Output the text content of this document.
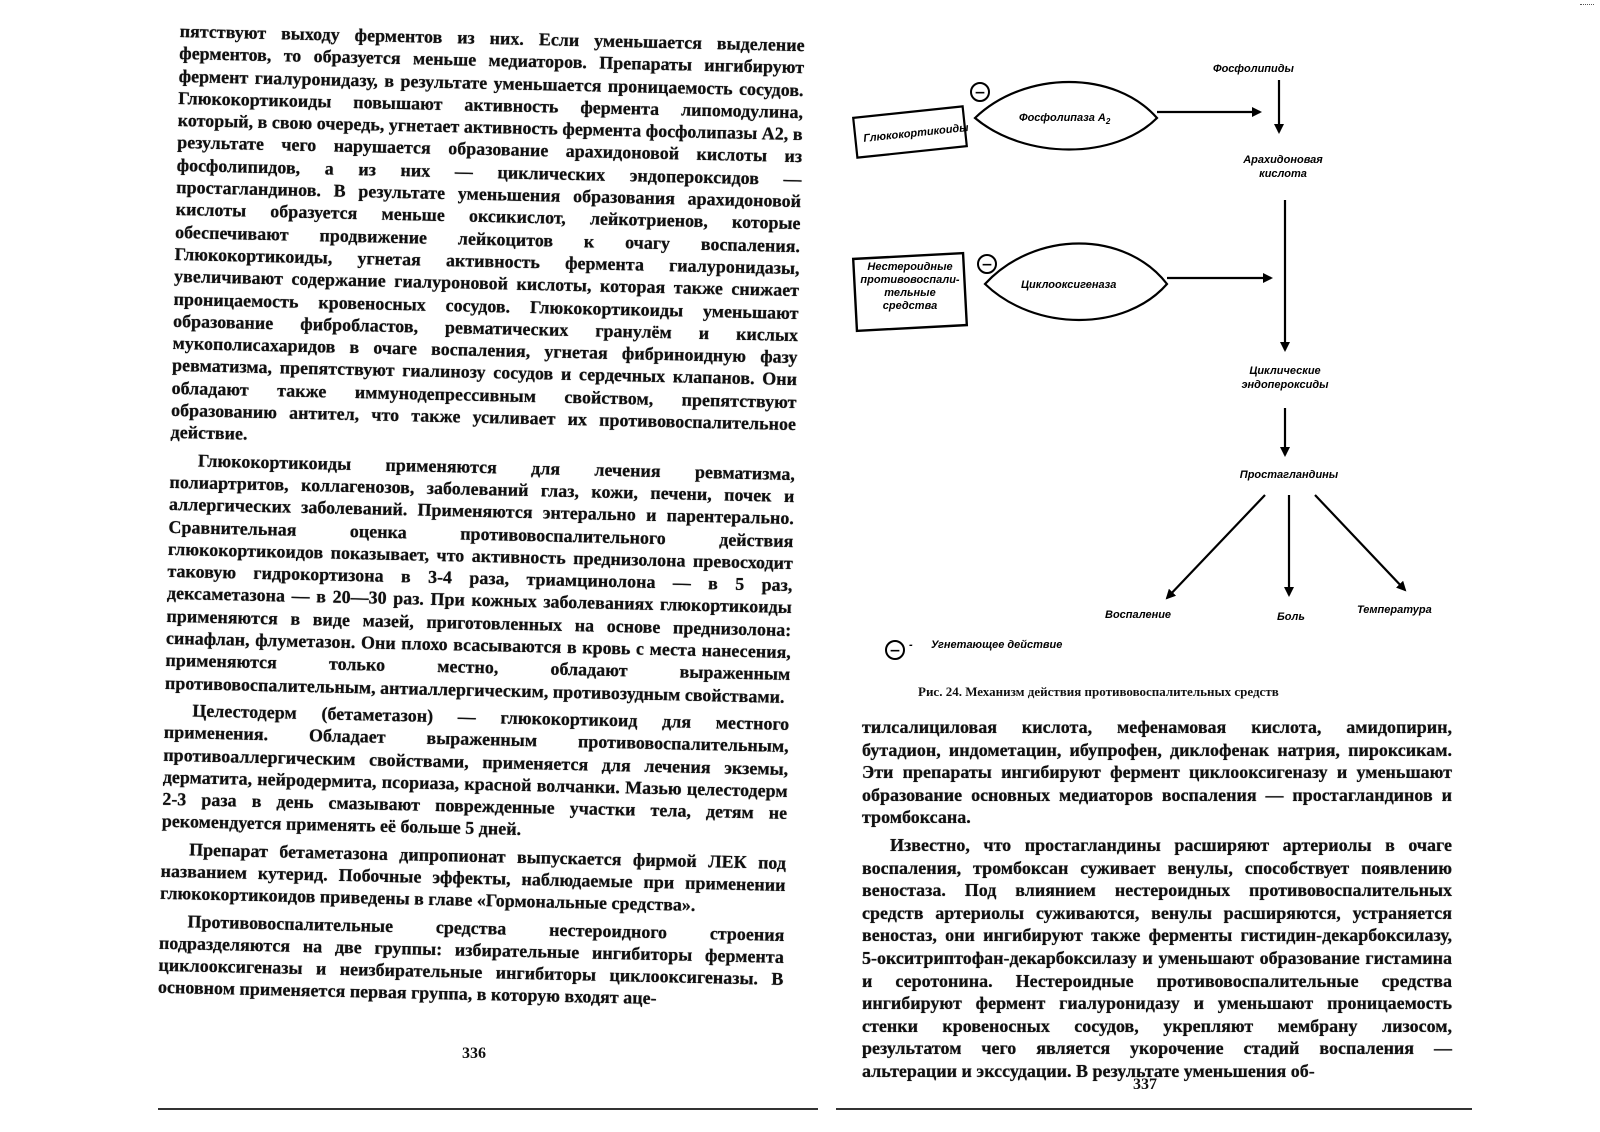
пятствуют выходу ферментов из них. Если уменьшается выделение ферментов, то образуется меньше медиаторов. Препараты ингибируют фермент гиалуронидазу, в результате уменьшается проницаемость сосудов. Глюкокортикоиды повышают активность фермента липомодулина, который, в свою очередь, угнетает активность фермента фосфолипазы А2, в результате чего нарушается образование арахидоновой кислоты из фосфолипидов, а из них — циклических эндопероксидов — простагландинов. В результате уменьшения образования арахидоновой кислоты образуется меньше оксикислот, лейкотриенов, которые обеспечивают продвижение лейкоцитов к очагу воспаления. Глюкокортикоиды, угнетая активность фермента гиалуронидазы, увеличивают содержание гиалуроновой кислоты, которая также снижает проницаемость кровеносных сосудов. Глюкокортикоиды уменьшают образование фибробластов, ревматических гранулём и кислых мукополисахаридов в очаге воспаления, угнетая фибриноидную фазу ревматизма, препятствуют гиалинозу сосудов и сердечных клапанов. Они обладают также иммунодепрессивным свойством, препятствуют образованию антител, что также усиливает их противовоспалительное действие.

Глюкокортикоиды применяются для лечения ревматизма, полиартритов, коллагенозов, заболеваний глаз, кожи, печени, почек и аллергических заболеваний. Применяются энтерально и парентерально. Сравнительная оценка противовоспалительного действия глюкокортикоидов показывает, что активность преднизолона превосходит таковую гидрокортизона в 3-4 раза, триамцинолона — в 5 раз, дексаметазона — в 20—30 раз. При кожных заболеваниях глюкортикоиды применяются в виде мазей, приготовленных на основе преднизолона: синафлан, флуметазон. Они плохо всасываются в кровь с места нанесения, применяются только местно, обладают выраженным противовоспалительным, антиаллергическим, противозудным свойствами.

Целестодерм (бетаметазон) — глюкокортикоид для местного применения. Обладает выраженным противовоспалительным, противоаллергическим свойствами, применяется для лечения экземы, дерматита, нейродермита, псориаза, красной волчанки. Мазью целестодерм 2-3 раза в день смазывают поврежденные участки тела, детям не рекомендуется применять её больше 5 дней.

Препарат бетаметазона дипропионат выпускается фирмой ЛЕК под названием кутерид. Побочные эффекты, наблюдаемые при применении глюкокортикоидов приведены в главе «Гормональные средства».

Противовоспалительные средства нестероидного строения подразделяются на две группы: избирательные ингибиторы фермента циклооксигеназы и неизбирательные ингибиторы циклооксигеназы. В основном применяется первая группа, в которую входят аце-

336
Глюкокортикоиды
−
Фосфолипаза $А_2$
Фосфолипиды
Арахидоновая
кислота
Нестероидные
противовоспали-
тельные
средства
−
Циклооксигеназа
Циклические
эндопероксиды
Простагландины
Воспаление	Боль
Температура
− - Угнетающее действие
Рис. 24. Механизм действия противовоспалительных средств

тилсалициловая кислота, мефенамовая кислота, амидопирин, бутадион, индометацин, ибупрофен, диклофенак натрия, пироксикам. Эти препараты ингибируют фермент циклооксигеназу и уменьшают образование основных медиаторов воспаления — простагландинов и тромбоксана.

Известно, что простагландины расширяют артериолы в очаге воспаления, тромбоксан суживает венулы, способствует появлению веностаза. Под влиянием нестероидных противовоспалительных средств артериолы суживаются, венулы расширяются, устраняется веностаз, они ингибируют также ферменты гистидин-декарбоксилазу, 5-окситриптофан-декарбоксилазу и уменьшают образование гистамина и серотонина. Нестероидные противовоспалительные средства ингибируют фермент гиалуронидазу и уменьшают проницаемость стенки кровеносных сосудов, укрепляют мембрану лизосом, результатом чего является укорочение стадий воспаления — альтерации и экссудации. В результате уменьшения об-

337
